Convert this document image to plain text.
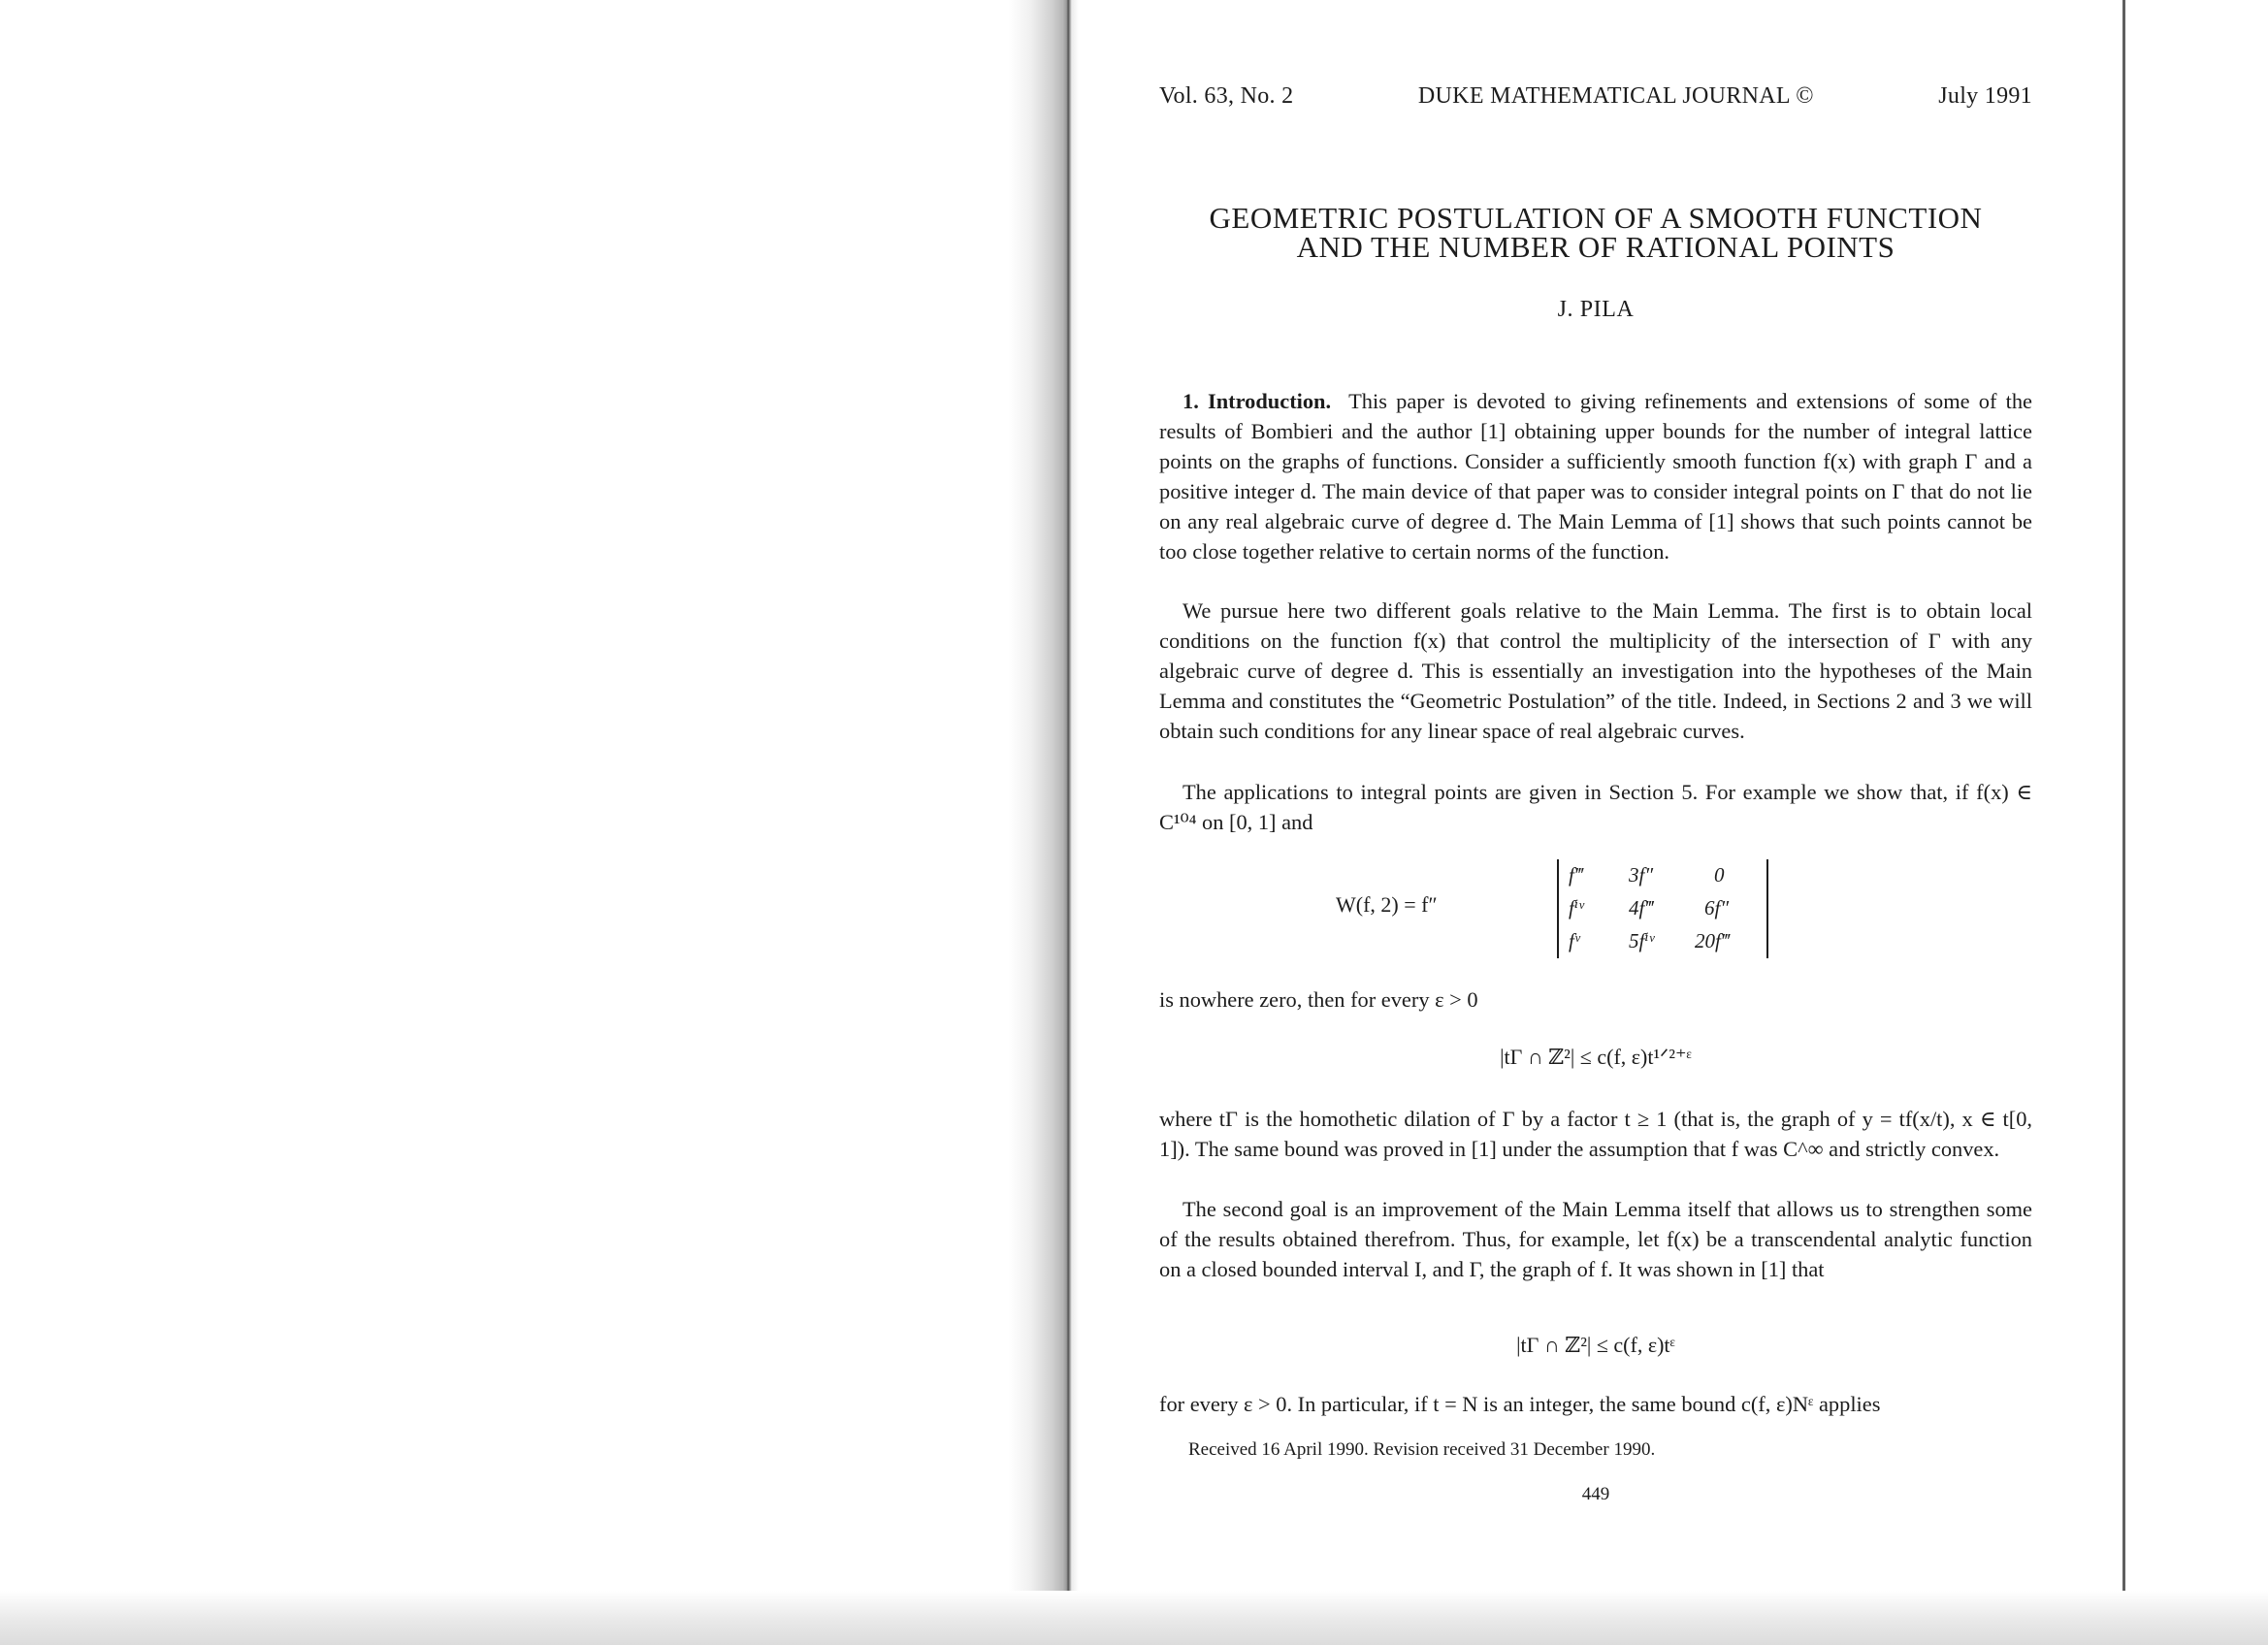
Vol. 63, No. 2	DUKE MATHEMATICAL JOURNAL ©	July 1991
GEOMETRIC POSTULATION OF A SMOOTH FUNCTION
AND THE NUMBER OF RATIONAL POINTS
J. PILA

1. Introduction. This paper is devoted to giving refinements and extensions of some of the results of Bombieri and the author [1] obtaining upper bounds for the number of integral lattice points on the graphs of functions. Consider a sufficiently smooth function f(x) with graph Γ and a positive integer d. The main device of that paper was to consider integral points on Γ that do not lie on any real algebraic curve of degree d. The Main Lemma of [1] shows that such points cannot be too close together relative to certain norms of the function.

We pursue here two different goals relative to the Main Lemma. The first is to obtain local conditions on the function f(x) that control the multiplicity of the intersection of Γ with any algebraic curve of degree d. This is essentially an investigation into the hypotheses of the Main Lemma and constitutes the “Geometric Postulation” of the title. Indeed, in Sections 2 and 3 we will obtain such conditions for any linear space of real algebraic curves.

The applications to integral points are given in Section 5. For example we show that, if f(x) ∈ C¹⁰⁴ on [0, 1] and

W(f, 2) = f″
f‴ 3f″	0
fⁱᵛ 4f‴	6f″
fᵛ 5fⁱᵛ 20f‴

is nowhere zero, then for every ε > 0

|tΓ ∩ ℤ²| ≤ c(f, ε)t¹ᐟ²⁺ᵋ

where tΓ is the homothetic dilation of Γ by a factor t ≥ 1 (that is, the graph of y = tf(x/t), x ∈ t[0, 1]). The same bound was proved in [1] under the assumption that f was C^∞ and strictly convex.

The second goal is an improvement of the Main Lemma itself that allows us to strengthen some of the results obtained therefrom. Thus, for example, let f(x) be a transcendental analytic function on a closed bounded interval I, and Γ, the graph of f. It was shown in [1] that

|tΓ ∩ ℤ²| ≤ c(f, ε)tᵋ

for every ε > 0. In particular, if t = N is an integer, the same bound c(f, ε)Nᵋ applies

Received 16 April 1990. Revision received 31 December 1990.
449
